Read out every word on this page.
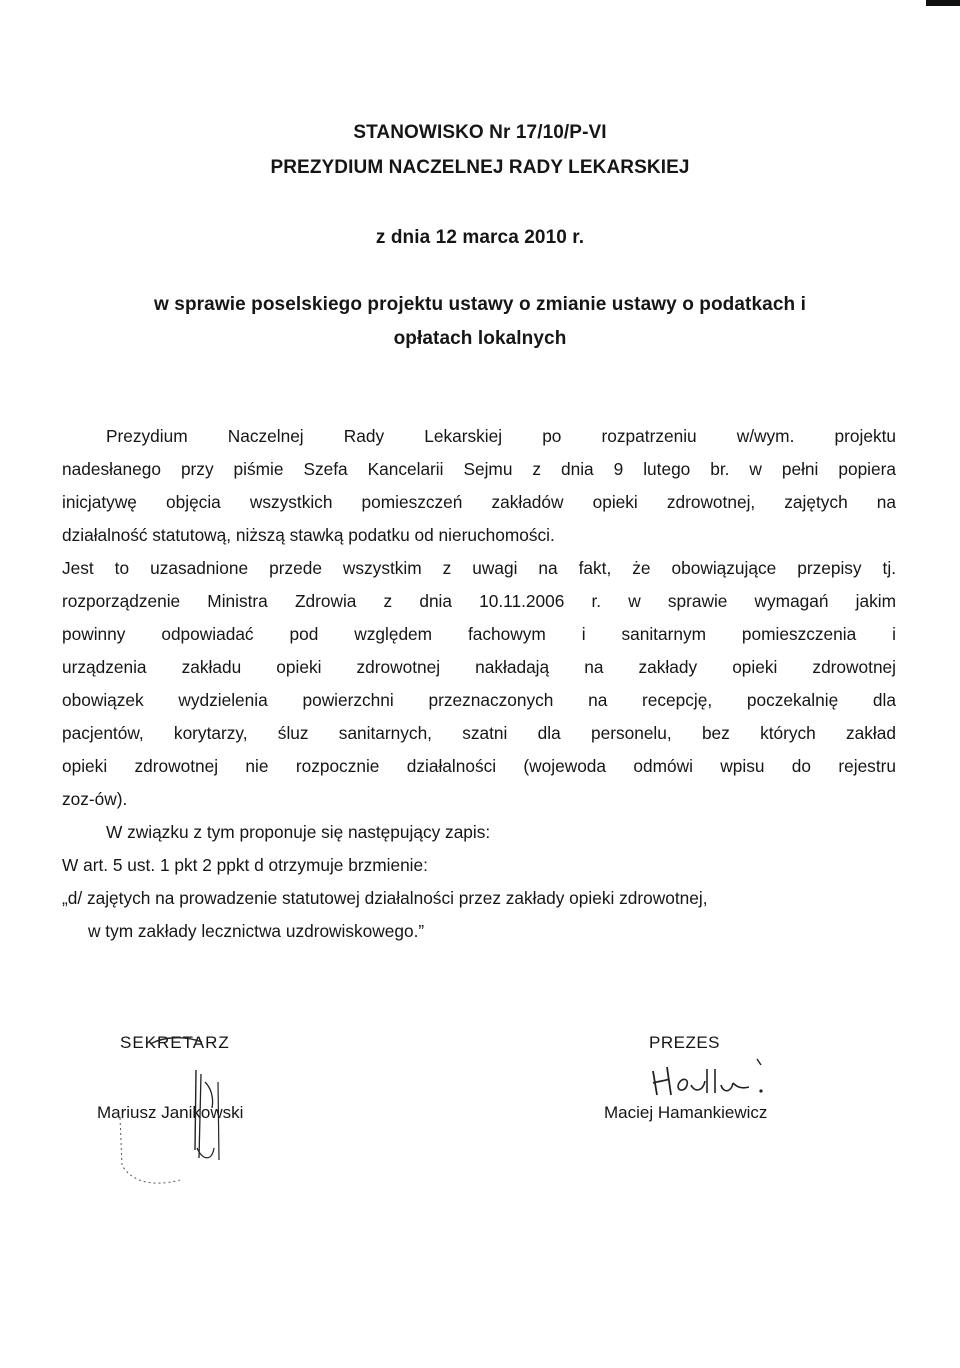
STANOWISKO Nr 17/10/P-VI
PREZYDIUM NACZELNEJ RADY LEKARSKIEJ
z dnia 12 marca 2010 r.
w sprawie poselskiego projektu ustawy o zmianie ustawy o podatkach i
opłatach lokalnych

Prezydium Naczelnej Rady Lekarskiej po rozpatrzeniu w/wym. projektu

nadesłanego przy piśmie Szefa Kancelarii Sejmu z dnia 9 lutego br. w pełni popiera

inicjatywę objęcia wszystkich pomieszczeń zakładów opieki zdrowotnej, zajętych na

działalność statutową, niższą stawką podatku od nieruchomości.

Jest to uzasadnione przede wszystkim z uwagi na fakt, że obowiązujące przepisy tj.

rozporządzenie Ministra Zdrowia z dnia 10.11.2006 r. w sprawie wymagań jakim

powinny odpowiadać pod względem fachowym i sanitarnym pomieszczenia i

urządzenia zakładu opieki zdrowotnej nakładają na zakłady opieki zdrowotnej

obowiązek wydzielenia powierzchni przeznaczonych na recepcję, poczekalnię dla

pacjentów, korytarzy, śluz sanitarnych, szatni dla personelu, bez których zakład

opieki zdrowotnej nie rozpocznie działalności (wojewoda odmówi wpisu do rejestru

zoz-ów).

W związku z tym proponuje się następujący zapis:

W art. 5 ust. 1 pkt 2 ppkt d otrzymuje brzmienie:

„d/ zajętych na prowadzenie statutowej działalności przez zakłady opieki zdrowotnej,

w tym zakłady lecznictwa uzdrowiskowego.”

SEKRETARZ
Mariusz Janikowski
PREZES
Maciej Hamankiewicz
